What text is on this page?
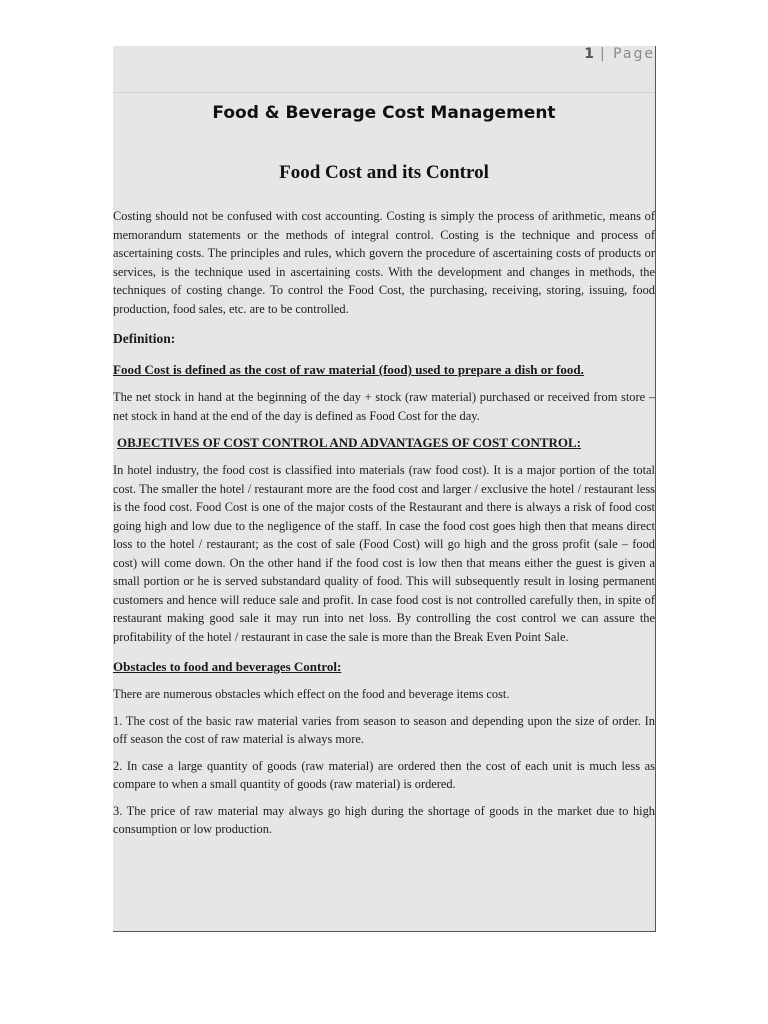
1 | Page
Food & Beverage Cost Management
Food Cost and its Control

Costing should not be confused with cost accounting. Costing is simply the process of arithmetic, means of memorandum statements or the methods of integral control. Costing is the technique and process of ascertaining costs. The principles and rules, which govern the procedure of ascertaining costs of products or services, is the technique used in ascertaining costs. With the development and changes in methods, the techniques of costing change. To control the Food Cost, the purchasing, receiving, storing, issuing, food production, food sales, etc. are to be controlled.

Definition:
Food Cost is defined as the cost of raw material (food) used to prepare a dish or food.

The net stock in hand at the beginning of the day + stock (raw material) purchased or received from store – net stock in hand at the end of the day is defined as Food Cost for the day.

OBJECTIVES OF COST CONTROL AND ADVANTAGES OF COST CONTROL:

In hotel industry, the food cost is classified into materials (raw food cost). It is a major portion of the total cost. The smaller the hotel / restaurant more are the food cost and larger / exclusive the hotel / restaurant less is the food cost. Food Cost is one of the major costs of the Restaurant and there is always a risk of food cost going high and low due to the negligence of the staff. In case the food cost goes high then that means direct loss to the hotel / restaurant; as the cost of sale (Food Cost) will go high and the gross profit (sale – food cost) will come down. On the other hand if the food cost is low then that means either the guest is given a small portion or he is served substandard quality of food. This will subsequently result in losing permanent customers and hence will reduce sale and profit. In case food cost is not controlled carefully then, in spite of restaurant making good sale it may run into net loss. By controlling the cost control we can assure the profitability of the hotel / restaurant in case the sale is more than the Break Even Point Sale.

Obstacles to food and beverages Control:

There are numerous obstacles which effect on the food and beverage items cost.

1. The cost of the basic raw material varies from season to season and depending upon the size of order. In off season the cost of raw material is always more.

2. In case a large quantity of goods (raw material) are ordered then the cost of each unit is much less as compare to when a small quantity of goods (raw material) is ordered.

3. The price of raw material may always go high during the shortage of goods in the market due to high consumption or low production.
